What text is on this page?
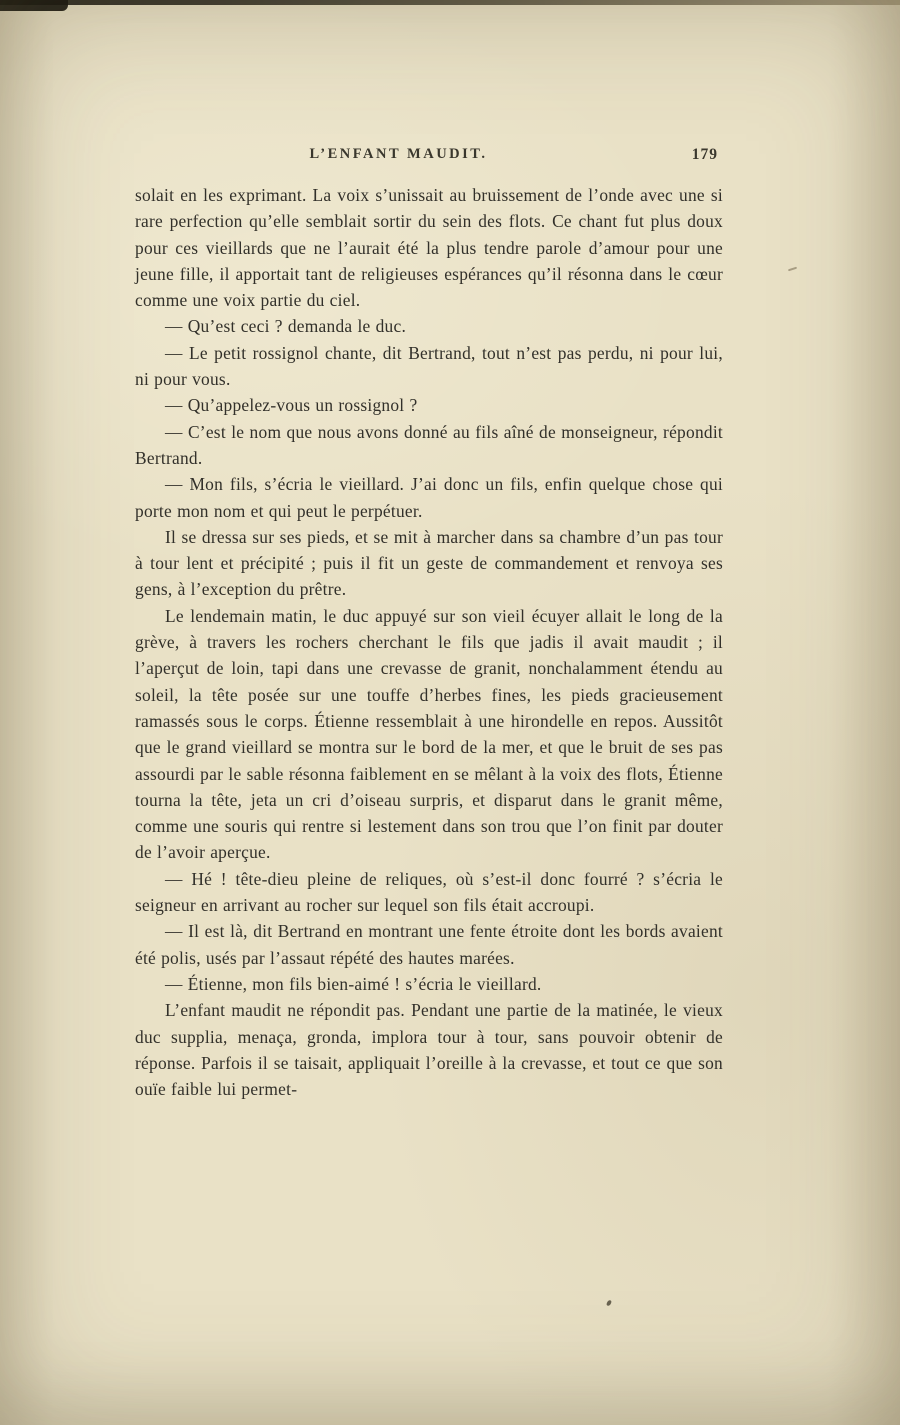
L’ENFANT MAUDIT.	179

solait en les exprimant. La voix s’unissait au bruissement de l’onde avec une si rare perfection qu’elle semblait sortir du sein des flots. Ce chant fut plus doux pour ces vieillards que ne l’aurait été la plus tendre parole d’amour pour une jeune fille, il apportait tant de religieuses espérances qu’il résonna dans le cœur comme une voix partie du ciel.

— Qu’est ceci ? demanda le duc.

— Le petit rossignol chante, dit Bertrand, tout n’est pas perdu, ni pour lui, ni pour vous.

— Qu’appelez-vous un rossignol ?

— C’est le nom que nous avons donné au fils aîné de monseigneur, répondit Bertrand.

— Mon fils, s’écria le vieillard. J’ai donc un fils, enfin quelque chose qui porte mon nom et qui peut le perpétuer.

Il se dressa sur ses pieds, et se mit à marcher dans sa chambre d’un pas tour à tour lent et précipité ; puis il fit un geste de commandement et renvoya ses gens, à l’exception du prêtre.

Le lendemain matin, le duc appuyé sur son vieil écuyer allait le long de la grève, à travers les rochers cherchant le fils que jadis il avait maudit ; il l’aperçut de loin, tapi dans une crevasse de granit, nonchalamment étendu au soleil, la tête posée sur une touffe d’herbes fines, les pieds gracieusement ramassés sous le corps. Étienne ressemblait à une hirondelle en repos. Aussitôt que le grand vieillard se montra sur le bord de la mer, et que le bruit de ses pas assourdi par le sable résonna faiblement en se mêlant à la voix des flots, Étienne tourna la tête, jeta un cri d’oiseau surpris, et disparut dans le granit même, comme une souris qui rentre si lestement dans son trou que l’on finit par douter de l’avoir aperçue.

— Hé ! tête-dieu pleine de reliques, où s’est-il donc fourré ? s’écria le seigneur en arrivant au rocher sur lequel son fils était accroupi.

— Il est là, dit Bertrand en montrant une fente étroite dont les bords avaient été polis, usés par l’assaut répété des hautes marées.

— Étienne, mon fils bien-aimé ! s’écria le vieillard.

L’enfant maudit ne répondit pas. Pendant une partie de la matinée, le vieux duc supplia, menaça, gronda, implora tour à tour, sans pouvoir obtenir de réponse. Parfois il se taisait, appliquait l’oreille à la crevasse, et tout ce que son ouïe faible lui permet-
